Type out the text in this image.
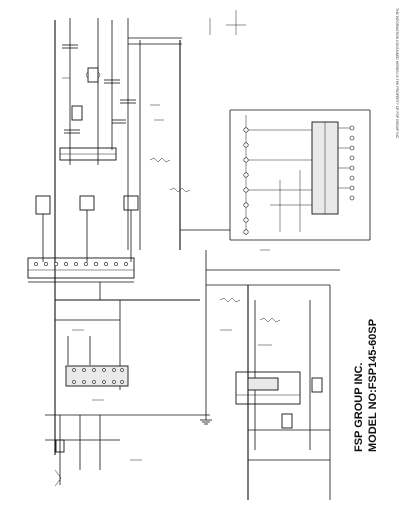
THE INFORMATION CONTAINED HEREIN IS THE PROPERTY OF FSP GROUP INC.
FSP GROUP INC. MODEL NO:FSP145-60SP
